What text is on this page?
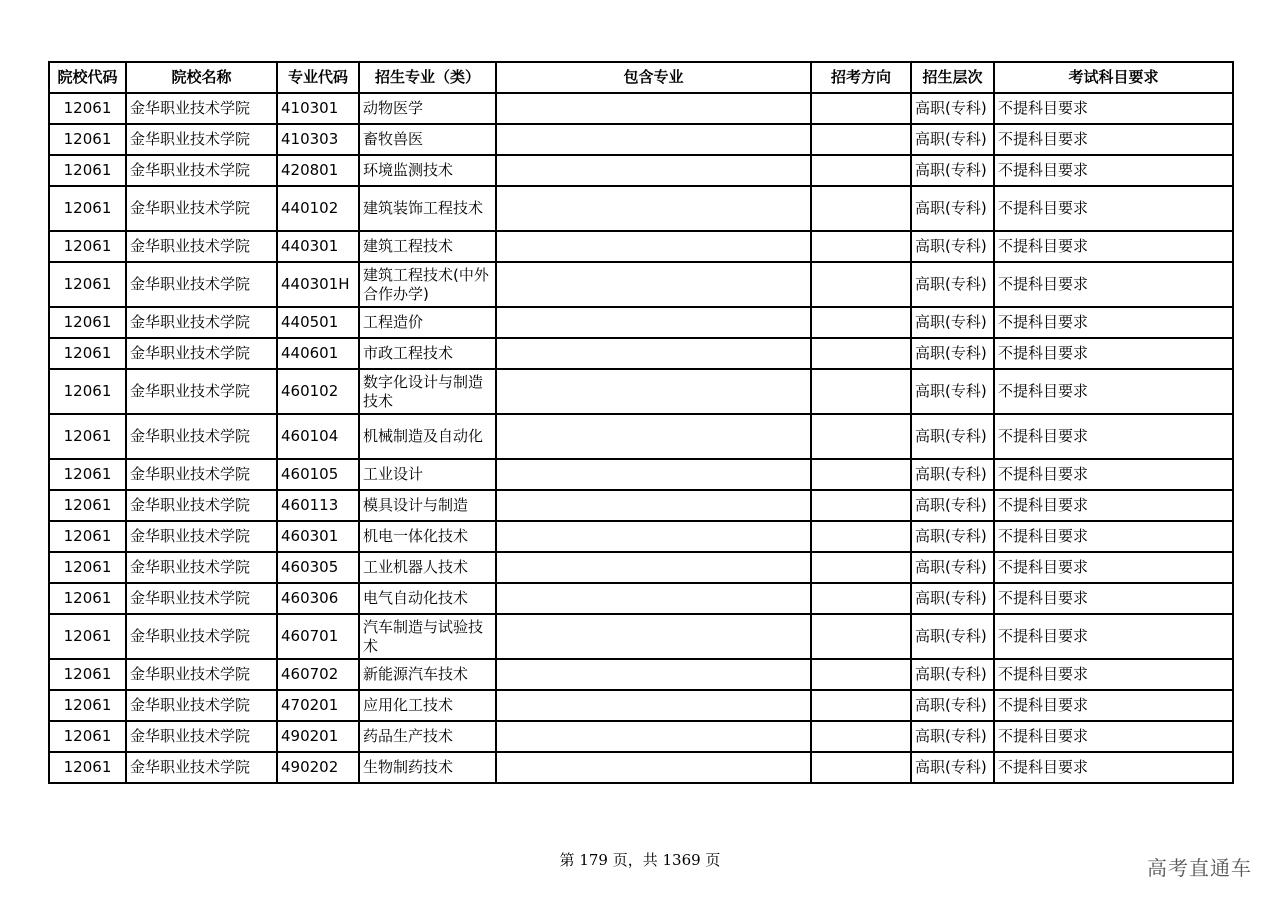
院校代码	院校名称	专业代码	招生专业（类）	包含专业	招考方向	招生层次	考试科目要求
12061	金华职业技术学院	410301	动物医学			高职(专科)	不提科目要求
12061	金华职业技术学院	410303	畜牧兽医			高职(专科)	不提科目要求
12061	金华职业技术学院	420801	环境监测技术			高职(专科)	不提科目要求
12061	金华职业技术学院	440102	建筑装饰工程技术			高职(专科)	不提科目要求
12061	金华职业技术学院	440301	建筑工程技术			高职(专科)	不提科目要求
12061	金华职业技术学院	440301H	建筑工程技术(中外合作办学)			高职(专科)	不提科目要求
12061	金华职业技术学院	440501	工程造价			高职(专科)	不提科目要求
12061	金华职业技术学院	440601	市政工程技术			高职(专科)	不提科目要求
12061	金华职业技术学院	460102	数字化设计与制造技术			高职(专科)	不提科目要求
12061	金华职业技术学院	460104	机械制造及自动化			高职(专科)	不提科目要求
12061	金华职业技术学院	460105	工业设计			高职(专科)	不提科目要求
12061	金华职业技术学院	460113	模具设计与制造			高职(专科)	不提科目要求
12061	金华职业技术学院	460301	机电一体化技术			高职(专科)	不提科目要求
12061	金华职业技术学院	460305	工业机器人技术			高职(专科)	不提科目要求
12061	金华职业技术学院	460306	电气自动化技术			高职(专科)	不提科目要求
12061	金华职业技术学院	460701	汽车制造与试验技术			高职(专科)	不提科目要求
12061	金华职业技术学院	460702	新能源汽车技术			高职(专科)	不提科目要求
12061	金华职业技术学院	470201	应用化工技术			高职(专科)	不提科目要求
12061	金华职业技术学院	490201	药品生产技术			高职(专科)	不提科目要求
12061	金华职业技术学院	490202	生物制药技术			高职(专科)	不提科目要求
第 179 页，共 1369 页	高考直通车
